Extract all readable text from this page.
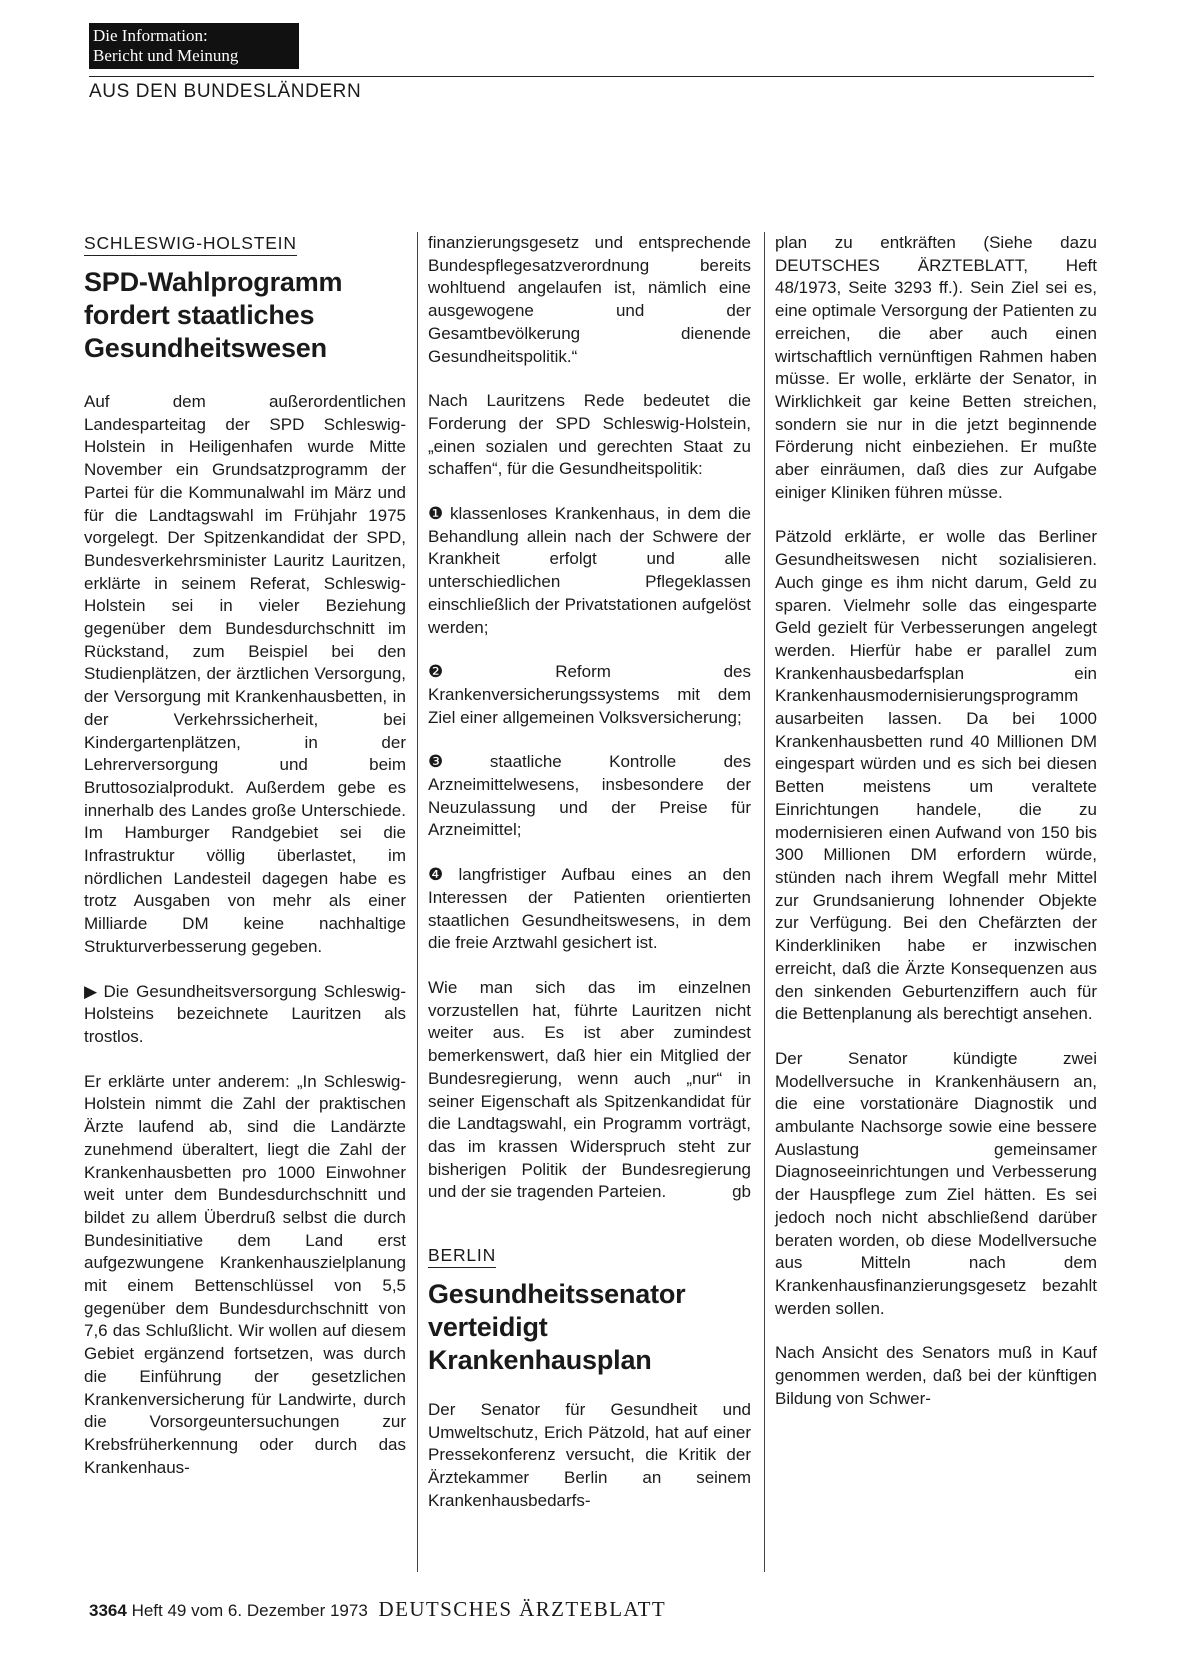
Die Information:
Bericht und Meinung
AUS DEN BUNDESLÄNDERN
SCHLESWIG-HOLSTEIN
SPD-Wahlprogramm
fordert staatliches
Gesundheitswesen

Auf dem außerordentlichen Landesparteitag der SPD Schleswig-Holstein in Heiligenhafen wurde Mitte November ein Grundsatzprogramm der Partei für die Kommunalwahl im März und für die Landtagswahl im Frühjahr 1975 vorgelegt. Der Spitzenkandidat der SPD, Bundesverkehrsminister Lauritz Lauritzen, erklärte in seinem Referat, Schleswig-Holstein sei in vieler Beziehung gegenüber dem Bundesdurchschnitt im Rückstand, zum Beispiel bei den Studienplätzen, der ärztlichen Versorgung, der Versorgung mit Krankenhausbetten, in der Verkehrssicherheit, bei Kindergartenplätzen, in der Lehrerversorgung und beim Bruttosozialprodukt. Außerdem gebe es innerhalb des Landes große Unterschiede. Im Hamburger Randgebiet sei die Infrastruktur völlig überlastet, im nördlichen Landesteil dagegen habe es trotz Ausgaben von mehr als einer Milliarde DM keine nachhaltige Strukturverbesserung gegeben.

▶ Die Gesundheitsversorgung Schleswig-Holsteins bezeichnete Lauritzen als trostlos.

Er erklärte unter anderem: „In Schleswig-Holstein nimmt die Zahl der praktischen Ärzte laufend ab, sind die Landärzte zunehmend überaltert, liegt die Zahl der Krankenhausbetten pro 1000 Einwohner weit unter dem Bundesdurchschnitt und bildet zu allem Überdruß selbst die durch Bundesinitiative dem Land erst aufgezwungene Krankenhauszielplanung mit einem Bettenschlüssel von 5,5 gegenüber dem Bundesdurchschnitt von 7,6 das Schlußlicht. Wir wollen auf diesem Gebiet ergänzend fortsetzen, was durch die Einführung der gesetzlichen Krankenversicherung für Landwirte, durch die Vorsorgeuntersuchungen zur Krebsfrüherkennung oder durch das Krankenhaus-

finanzierungsgesetz und entsprechende Bundespflegesatzverordnung bereits wohltuend angelaufen ist, nämlich eine ausgewogene und der Gesamtbevölkerung dienende Gesundheitspolitik.“

Nach Lauritzens Rede bedeutet die Forderung der SPD Schleswig-Holstein, „einen sozialen und gerechten Staat zu schaffen“, für die Gesundheitspolitik:

❶ klassenloses Krankenhaus, in dem die Behandlung allein nach der Schwere der Krankheit erfolgt und alle unterschiedlichen Pflegeklassen einschließlich der Privatstationen aufgelöst werden;

❷ Reform des Krankenversicherungssystems mit dem Ziel einer allgemeinen Volksversicherung;

❸ staatliche Kontrolle des Arzneimittelwesens, insbesondere der Neuzulassung und der Preise für Arzneimittel;

❹ langfristiger Aufbau eines an den Interessen der Patienten orientierten staatlichen Gesundheitswesens, in dem die freie Arztwahl gesichert ist.

Wie man sich das im einzelnen vorzustellen hat, führte Lauritzen nicht weiter aus. Es ist aber zumindest bemerkenswert, daß hier ein Mitglied der Bundesregierung, wenn auch „nur“ in seiner Eigenschaft als Spitzenkandidat für die Landtagswahl, ein Programm vorträgt, das im krassen Widerspruch steht zur bisherigen Politik der Bundesregierung und der sie tragenden Parteien.	gb

BERLIN
Gesundheitssenator
verteidigt
Krankenhausplan

Der Senator für Gesundheit und Umweltschutz, Erich Pätzold, hat auf einer Pressekonferenz versucht, die Kritik der Ärztekammer Berlin an seinem Krankenhausbedarfs-

plan zu entkräften (Siehe dazu DEUTSCHES ÄRZTEBLATT, Heft 48/1973, Seite 3293 ff.). Sein Ziel sei es, eine optimale Versorgung der Patienten zu erreichen, die aber auch einen wirtschaftlich vernünftigen Rahmen haben müsse. Er wolle, erklärte der Senator, in Wirklichkeit gar keine Betten streichen, sondern sie nur in die jetzt beginnende Förderung nicht einbeziehen. Er mußte aber einräumen, daß dies zur Aufgabe einiger Kliniken führen müsse.

Pätzold erklärte, er wolle das Berliner Gesundheitswesen nicht sozialisieren. Auch ginge es ihm nicht darum, Geld zu sparen. Vielmehr solle das eingesparte Geld gezielt für Verbesserungen angelegt werden. Hierfür habe er parallel zum Krankenhausbedarfsplan ein Krankenhausmodernisierungsprogramm ausarbeiten lassen. Da bei 1000 Krankenhausbetten rund 40 Millionen DM eingespart würden und es sich bei diesen Betten meistens um veraltete Einrichtungen handele, die zu modernisieren einen Aufwand von 150 bis 300 Millionen DM erfordern würde, stünden nach ihrem Wegfall mehr Mittel zur Grundsanierung lohnender Objekte zur Verfügung. Bei den Chefärzten der Kinderkliniken habe er inzwischen erreicht, daß die Ärzte Konsequenzen aus den sinkenden Geburtenziffern auch für die Bettenplanung als berechtigt ansehen.

Der Senator kündigte zwei Modellversuche in Krankenhäusern an, die eine vorstationäre Diagnostik und ambulante Nachsorge sowie eine bessere Auslastung gemeinsamer Diagnoseeinrichtungen und Verbesserung der Hauspflege zum Ziel hätten. Es sei jedoch noch nicht abschließend darüber beraten worden, ob diese Modellversuche aus Mitteln nach dem Krankenhausfinanzierungsgesetz bezahlt werden sollen.

Nach Ansicht des Senators muß in Kauf genommen werden, daß bei der künftigen Bildung von Schwer-

3364 Heft 49 vom 6. Dezember 1973 DEUTSCHES ÄRZTEBLATT
